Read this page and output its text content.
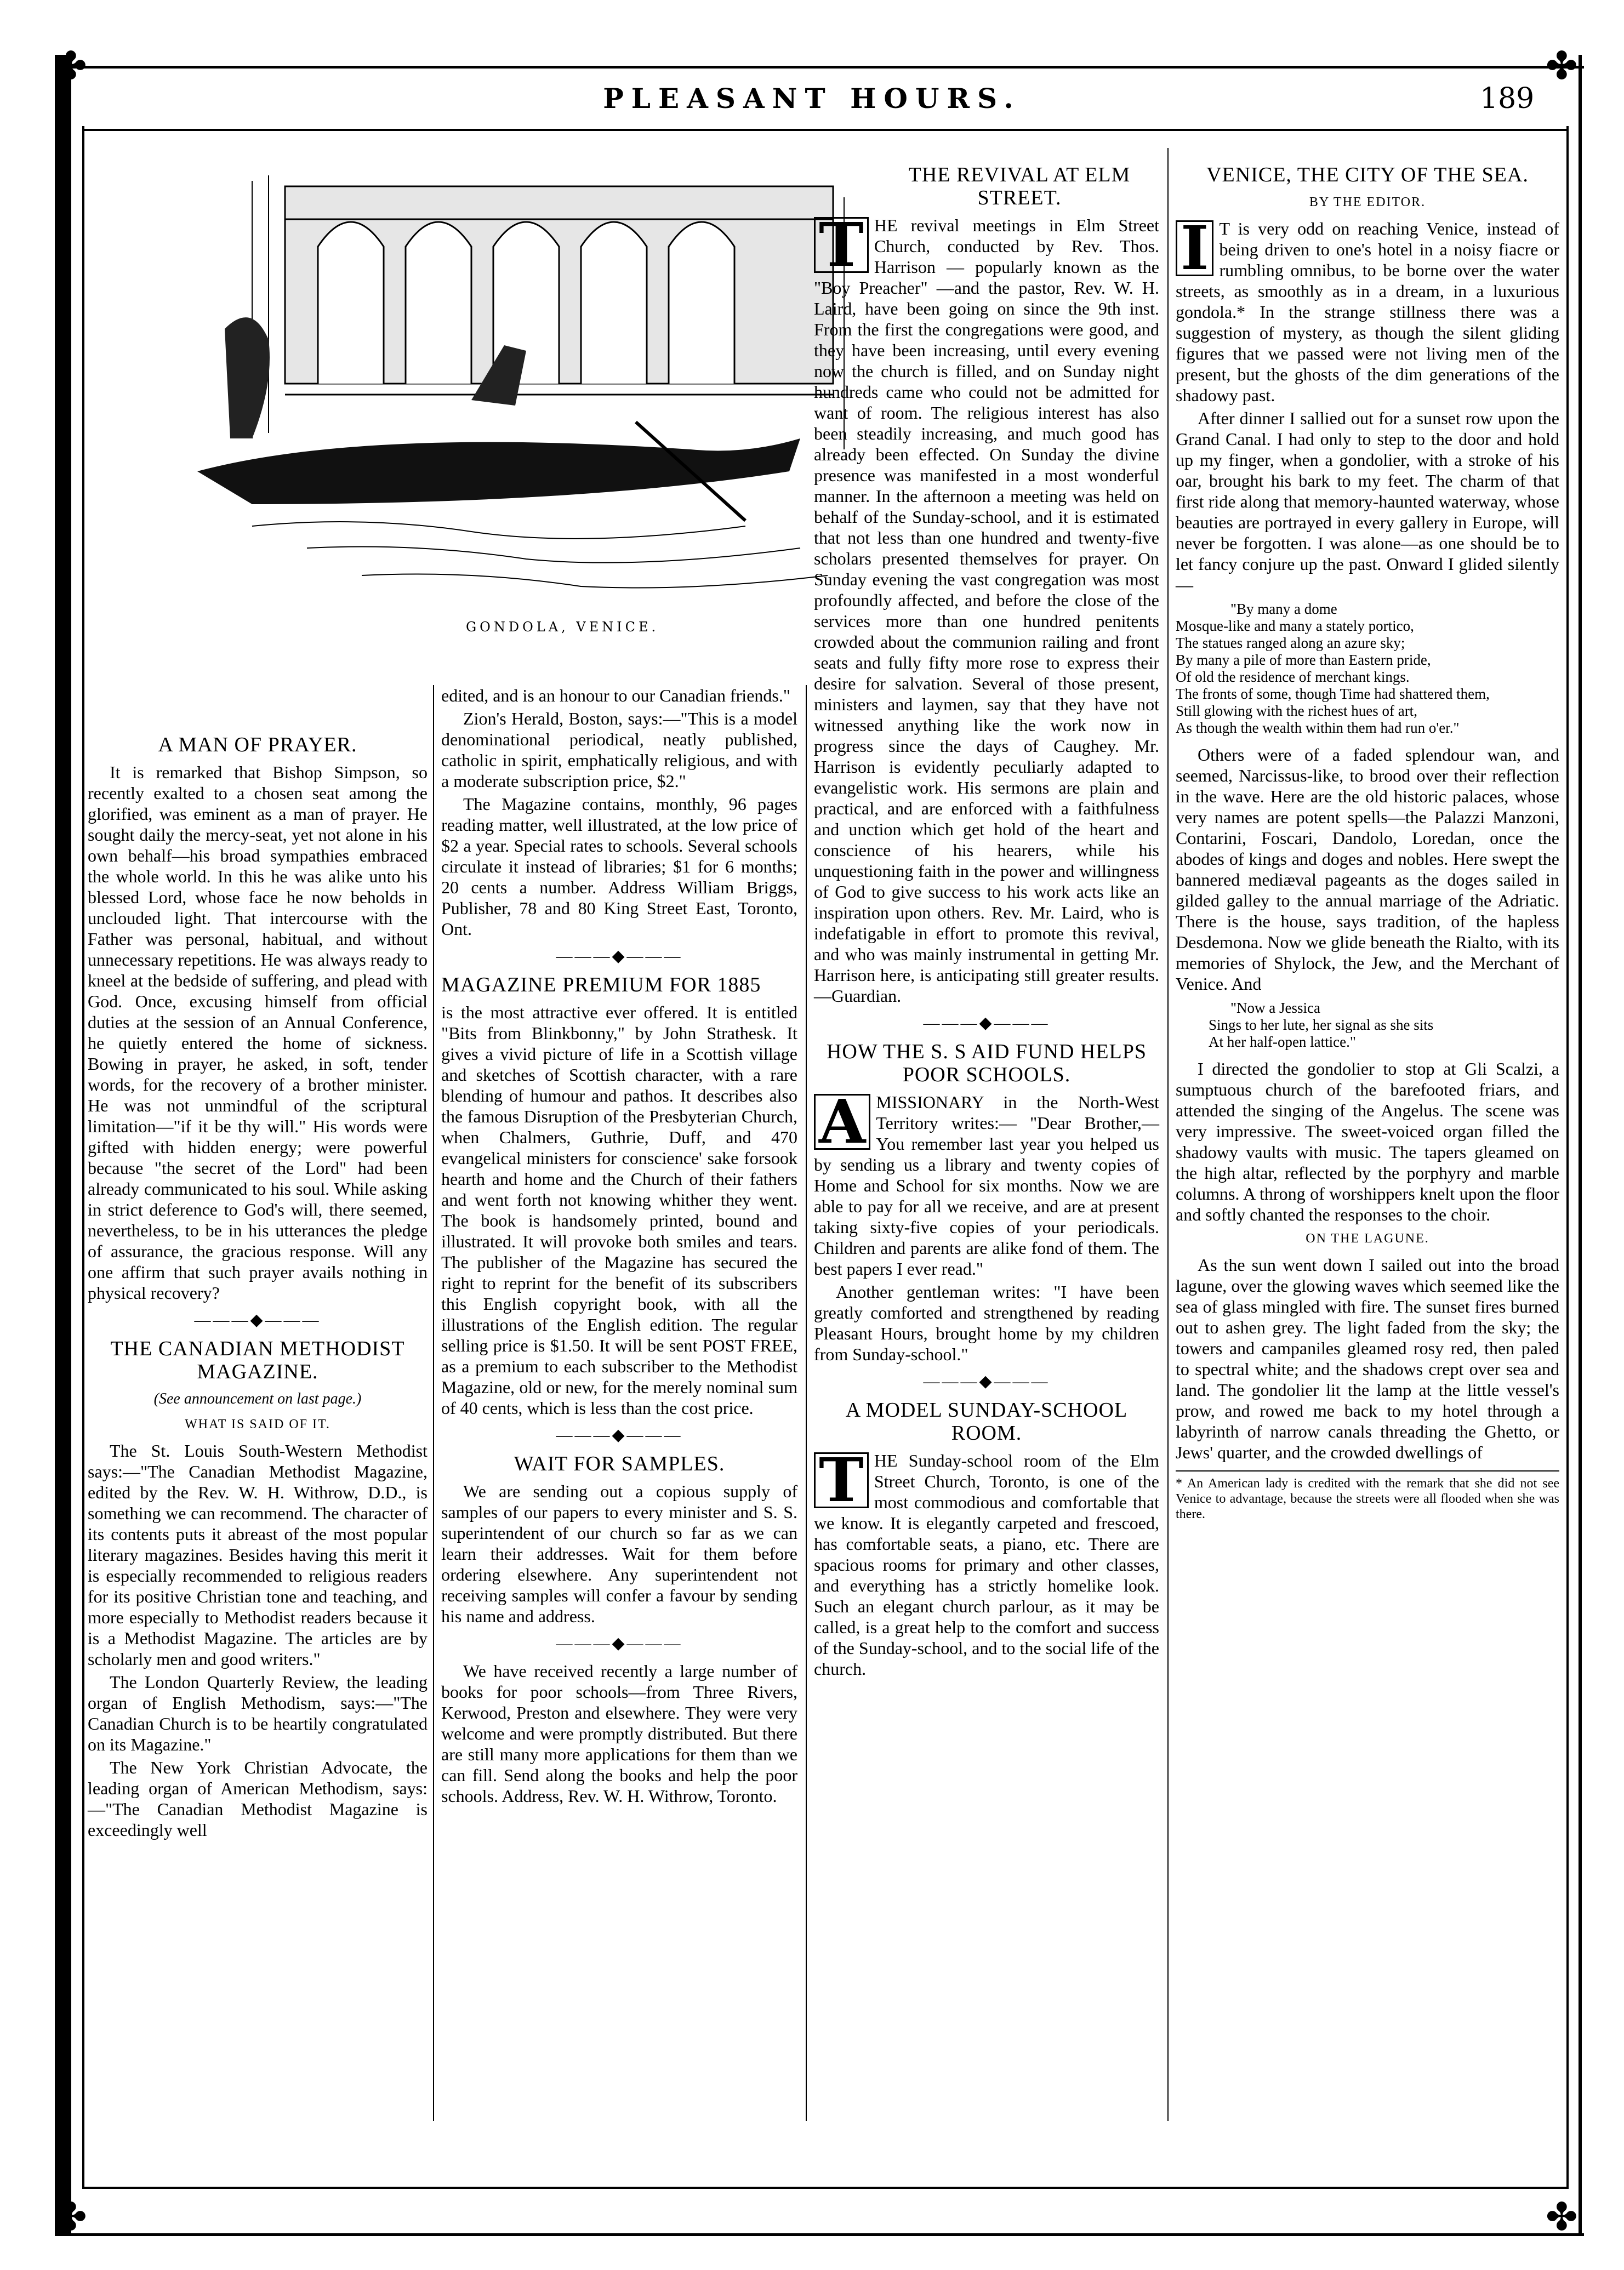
✤	✤
✤	✤
PLEASANT HOURS.	189
GONDOLA, VENICE.
A MAN OF PRAYER.

It is remarked that Bishop Simpson, so recently exalted to a chosen seat among the glorified, was eminent as a man of prayer. He sought daily the mercy-seat, yet not alone in his own behalf—his broad sympathies embraced the whole world. In this he was alike unto his blessed Lord, whose face he now beholds in unclouded light. That intercourse with the Father was personal, habitual, and without unnecessary repetitions. He was always ready to kneel at the bedside of suffering, and plead with God. Once, excusing himself from official duties at the session of an Annual Conference, he quietly entered the home of sickness. Bowing in prayer, he asked, in soft, tender words, for the recovery of a brother minister. He was not unmindful of the scriptural limitation—"if it be thy will." His words were gifted with hidden energy; were powerful because "the secret of the Lord" had been already communicated to his soul. While asking in strict deference to God's will, there seemed, nevertheless, to be in his utterances the pledge of assurance, the gracious response. Will any one affirm that such prayer avails nothing in physical recovery?

―――◆―――
THE CANADIAN METHODIST MAGAZINE.
(See announcement on last page.)
WHAT IS SAID OF IT.

The St. Louis South-Western Methodist says:—"The Canadian Methodist Magazine, edited by the Rev. W. H. Withrow, D.D., is something we can recommend. The character of its contents puts it abreast of the most popular literary magazines. Besides having this merit it is especially recommended to religious readers for its positive Christian tone and teaching, and more especially to Methodist readers because it is a Methodist Magazine. The articles are by scholarly men and good writers."

The London Quarterly Review, the leading organ of English Methodism, says:—"The Canadian Church is to be heartily congratulated on its Magazine."

The New York Christian Advocate, the leading organ of American Methodism, says:—"The Canadian Methodist Magazine is exceedingly well

edited, and is an honour to our Canadian friends."

Zion's Herald, Boston, says:—"This is a model denominational periodical, neatly published, catholic in spirit, emphatically religious, and with a moderate subscription price, $2."

The Magazine contains, monthly, 96 pages reading matter, well illustrated, at the low price of $2 a year. Special rates to schools. Several schools circulate it instead of libraries; $1 for 6 months; 20 cents a number. Address William Briggs, Publisher, 78 and 80 King Street East, Toronto, Ont.

―――◆―――
MAGAZINE PREMIUM FOR 1885

is the most attractive ever offered. It is entitled "Bits from Blinkbonny," by John Strathesk. It gives a vivid picture of life in a Scottish village and sketches of Scottish character, with a rare blending of humour and pathos. It describes also the famous Disruption of the Presbyterian Church, when Chalmers, Guthrie, Duff, and 470 evangelical ministers for conscience' sake forsook hearth and home and the Church of their fathers and went forth not knowing whither they went. The book is handsomely printed, bound and illustrated. It will provoke both smiles and tears. The publisher of the Magazine has secured the right to reprint for the benefit of its subscribers this English copyright book, with all the illustrations of the English edition. The regular selling price is $1.50. It will be sent POST FREE, as a premium to each subscriber to the Methodist Magazine, old or new, for the merely nominal sum of 40 cents, which is less than the cost price.

―――◆―――
WAIT FOR SAMPLES.

We are sending out a copious supply of samples of our papers to every minister and S. S. superintendent of our church so far as we can learn their addresses. Wait for them before ordering elsewhere. Any superintendent not receiving samples will confer a favour by sending his name and address.

―――◆―――

We have received recently a large number of books for poor schools—from Three Rivers, Kerwood, Preston and elsewhere. They were very welcome and were promptly distributed. But there are still many more applications for them than we can fill. Send along the books and help the poor schools. Address, Rev. W. H. Withrow, Toronto.

THE REVIVAL AT ELM STREET.
T HE revival meetings in Elm Street Church, conducted by Rev. Thos. Harrison — popularly known as the "Boy Preacher" —and the pastor, Rev. W. H. Laird, have been going on since the 9th inst. From the first the congregations were good, and they have been increasing, until every evening now the church is filled, and on Sunday night hundreds came who could not be admitted for want of room. The religious interest has also been steadily increasing, and much good has already been effected. On Sunday the divine presence was manifested in a most wonderful manner. In the afternoon a meeting was held on behalf of the Sunday-school, and it is estimated that not less than one hundred and twenty-five scholars presented themselves for prayer. On Sunday evening the vast congregation was most profoundly affected, and before the close of the services more than one hundred penitents crowded about the communion railing and front seats and fully fifty more rose to express their desire for salvation. Several of those present, ministers and laymen, say that they have not witnessed anything like the work now in progress since the days of Caughey. Mr. Harrison is evidently peculiarly adapted to evangelistic work. His sermons are plain and practical, and are enforced with a faithfulness and unction which get hold of the heart and conscience of his hearers, while his unquestioning faith in the power and willingness of God to give success to his work acts like an inspiration upon others. Rev. Mr. Laird, who is indefatigable in effort to promote this revival, and who was mainly instrumental in getting Mr. Harrison here, is anticipating still greater results.—Guardian.

―――◆―――
HOW THE S. S AID FUND HELPS POOR SCHOOLS.
A MISSIONARY in the North-West Territory writes:— "Dear Brother,—You remember last year you helped us by sending us a library and twenty copies of Home and School for six months. Now we are able to pay for all we receive, and are at present taking sixty-five copies of your periodicals. Children and parents are alike fond of them. The best papers I ever read."

Another gentleman writes: "I have been greatly comforted and strengthened by reading Pleasant Hours, brought home by my children from Sunday-school."

―――◆―――
A MODEL SUNDAY-SCHOOL ROOM.
T HE Sunday-school room of the Elm Street Church, Toronto, is one of the most commodious and comfortable that we know. It is elegantly carpeted and frescoed, has comfortable seats, a piano, etc. There are spacious rooms for primary and other classes, and everything has a strictly homelike look. Such an elegant church parlour, as it may be called, is a great help to the comfort and success of the Sunday-school, and to the social life of the church.

VENICE, THE CITY OF THE SEA.
BY THE EDITOR.
I T is very odd on reaching Venice, instead of being driven to one's hotel in a noisy fiacre or rumbling omnibus, to be borne over the water streets, as smoothly as in a dream, in a luxurious gondola.* In the strange stillness there was a suggestion of mystery, as though the silent gliding figures that we passed were not living men of the present, but the ghosts of the dim generations of the shadowy past.

After dinner I sallied out for a sunset row upon the Grand Canal. I had only to step to the door and hold up my finger, when a gondolier, with a stroke of his oar, brought his bark to my feet. The charm of that first ride along that memory-haunted waterway, whose beauties are portrayed in every gallery in Europe, will never be forgotten. I was alone—as one should be to let fancy conjure up the past. Onward I glided silently—

"By many a dome
Mosque-like and many a stately portico,
The statues ranged along an azure sky;
By many a pile of more than Eastern pride,
Of old the residence of merchant kings.
The fronts of some, though Time had shattered them,
Still glowing with the richest hues of art,
As though the wealth within them had run o'er."

Others were of a faded splendour wan, and seemed, Narcissus-like, to brood over their reflection in the wave. Here are the old historic palaces, whose very names are potent spells—the Palazzi Manzoni, Contarini, Foscari, Dandolo, Loredan, once the abodes of kings and doges and nobles. Here swept the bannered mediæval pageants as the doges sailed in gilded galley to the annual marriage of the Adriatic. There is the house, says tradition, of the hapless Desdemona. Now we glide beneath the Rialto, with its memories of Shylock, the Jew, and the Merchant of Venice. And

"Now a Jessica
Sings to her lute, her signal as she sits
At her half-open lattice."

I directed the gondolier to stop at Gli Scalzi, a sumptuous church of the barefooted friars, and attended the singing of the Angelus. The scene was very impressive. The sweet-voiced organ filled the shadowy vaults with music. The tapers gleamed on the high altar, reflected by the porphyry and marble columns. A throng of worshippers knelt upon the floor and softly chanted the responses to the choir.

ON THE LAGUNE.

As the sun went down I sailed out into the broad lagune, over the glowing waves which seemed like the sea of glass mingled with fire. The sunset fires burned out to ashen grey. The light faded from the sky; the towers and campaniles gleamed rosy red, then paled to spectral white; and the shadows crept over sea and land. The gondolier lit the lamp at the little vessel's prow, and rowed me back to my hotel through a labyrinth of narrow canals threading the Ghetto, or Jews' quarter, and the crowded dwellings of

* An American lady is credited with the remark that she did not see Venice to advantage, because the streets were all flooded when she was there.
